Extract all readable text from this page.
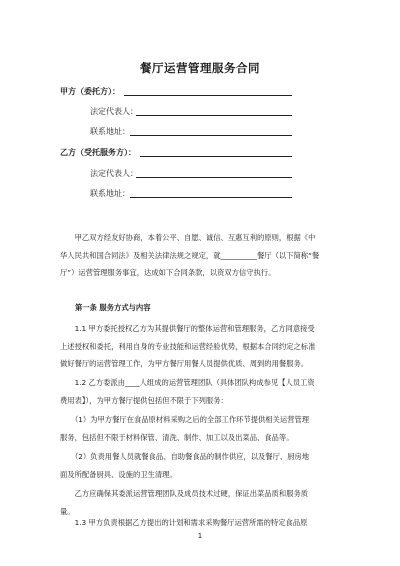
餐厅运营管理服务合同
甲方（委托方）：
法定代表人：
联系地址：
乙方（受托服务方）：
法定代表人：
联系地址：
　　甲乙双方经友好协商，本着公平、自愿、诚信、互惠互利的原则，根据《中
华人民共和国合同法》及相关法律法规之规定，就__________餐厅（以下简称“餐
厅”）运营管理服务事宜，达成如下合同条款，以资双方信守执行。
第一条 服务方式与内容
　　1.1 甲方委托授权乙方为其提供餐厅的整体运营和管理服务，乙方同意接受
上述授权和委托，利用自身的专业技能和运营经验优势，根据本合同约定之标准
做好餐厅的运营管理工作，为甲方餐厅用餐人员提供优质、周到的用餐服务。
　　1.2 乙方委派由____人组成的运营管理团队（具体团队构成参见【人员工资
费用表】），为甲方餐厅提供包括但不限于下列服务：
　　（1）为甲方餐厅在食品原材料采购之后的全部工作环节提供相关运营管理
服务，包括但不限于材料保管、清洗、制作、加工以及出菜品、食品等。
　　（2）负责用餐人员就餐食品、自助餐食品的制作供应，以及餐厅、厨房地
面及所配备厨具、设施的卫生清理。
　　乙方应确保其委派运营管理团队及成员技术过硬，保证出菜品质和服务质
量。
　　1.3 甲方负责根据乙方提出的计划和需求采购餐厅运营所需的特定食品原
1
